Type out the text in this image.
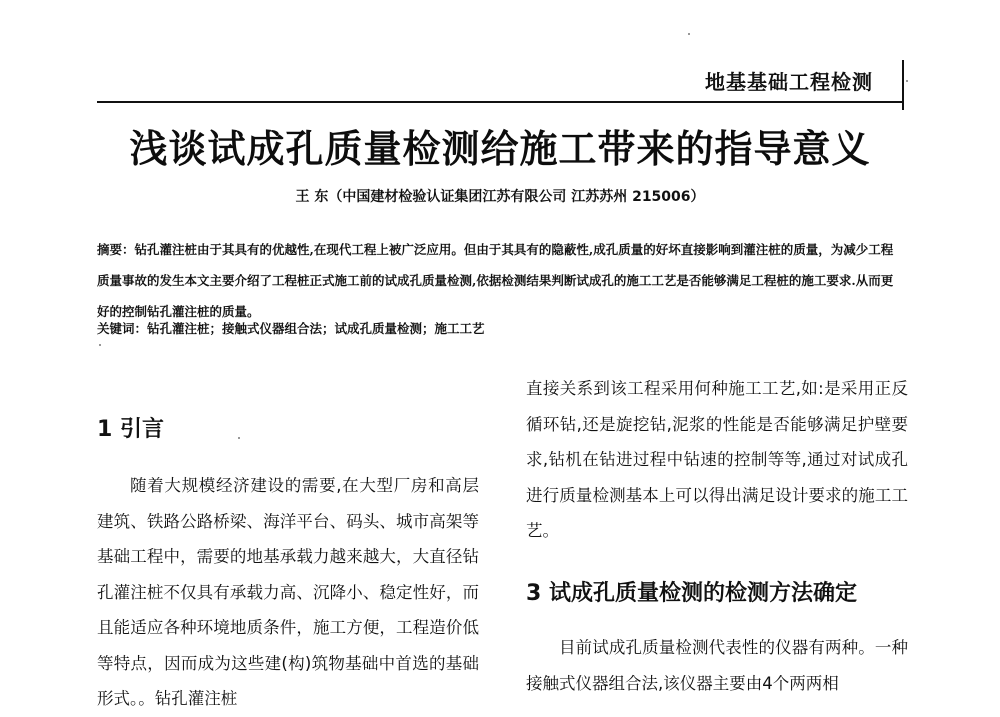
地基基础工程检测
浅谈试成孔质量检测给施工带来的指导意义
王 东（中国建材检验认证集团江苏有限公司 江苏苏州 215006）
摘要：钻孔灌注桩由于其具有的优越性,在现代工程上被广泛应用。但由于其具有的隐蔽性,成孔质量的好坏直接影响到灌注桩的质量，为减少工程质量事故的发生本文主要介绍了工程桩正式施工前的试成孔质量检测,依据检测结果判断试成孔的施工工艺是否能够满足工程桩的施工要求.从而更好的控制钻孔灌注桩的质量。
关键词：钻孔灌注桩；接触式仪器组合法；试成孔质量检测；施工工艺
1 引言
随着大规模经济建设的需要,在大型厂房和高层建筑、铁路公路桥梁、海洋平台、码头、城市高架等基础工程中，需要的地基承载力越来越大，大直径钻孔灌注桩不仅具有承载力高、沉降小、稳定性好，而且能适应各种环境地质条件，施工方便，工程造价低等特点，因而成为这些建(构)筑物基础中首选的基础形式。。钻孔灌注桩
直接关系到该工程采用何种施工工艺,如:是采用正反循环钻,还是旋挖钻,泥浆的性能是否能够满足护壁要求,钻机在钻进过程中钻速的控制等等,通过对试成孔进行质量检测基本上可以得出满足设计要求的施工工艺。
3 试成孔质量检测的检测方法确定
目前试成孔质量检测代表性的仪器有两种。一种接触式仪器组合法,该仪器主要由4个两两相
